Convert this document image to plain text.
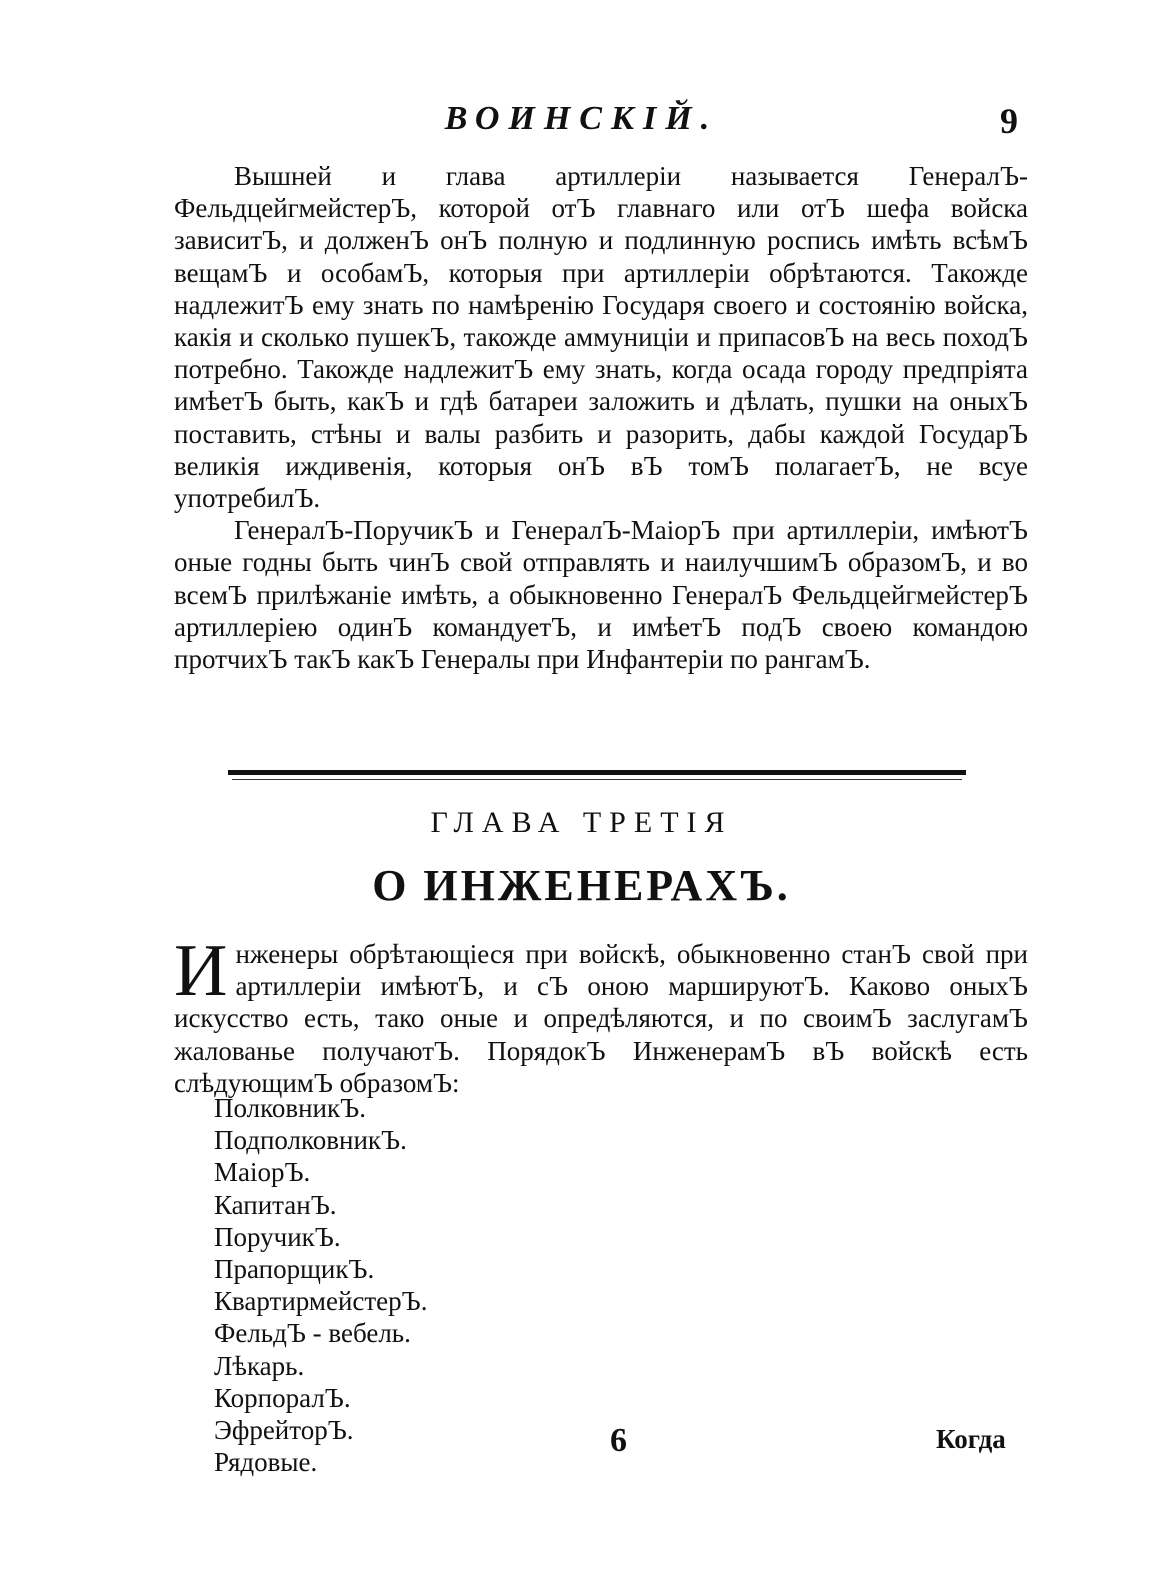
ВОИНСКІЙ.	9

Вышней и глава артиллеріи называется ГенералЪ-ФельдцейгмейстерЪ, которой отЪ главнаго или отЪ шефа войска зависитЪ, и долженЪ онЪ полную и подлинную роспись имѣть всѣмЪ вещамЪ и особамЪ, которыя при артиллеріи обрѣтаются. Такожде надлежитЪ ему знать по намѣренію Государя своего и состоянію войска, какія и сколько пушекЪ, такожде аммуниціи и припасовЪ на весь походЪ потребно. Такожде надлежитЪ ему знать, когда осада городу предпріята имѣетЪ быть, какЪ и гдѣ батареи заложить и дѣлать, пушки на оныхЪ поставить, стѣны и валы разбить и разорить, дабы каждой ГосударЪ великія иждивенія, которыя онЪ вЪ томЪ полагаетЪ, не всуе употребилЪ.

ГенералЪ-ПоручикЪ и ГенералЪ-МаіорЪ при артиллеріи, имѣютЪ оные годны быть чинЪ свой отправлять и наилучшимЪ образомЪ, и во всемЪ прилѣжаніе имѣть, а обыкновенно ГенералЪ ФельдцейгмейстерЪ артиллеріею одинЪ командуетЪ, и имѣетЪ подЪ своею командою протчихЪ такЪ какЪ Генералы при Инфантеріи по рангамЪ.

ГЛАВА ТРЕТІЯ
О ИНЖЕНЕРАХЪ.
И нженеры обрѣтающіеся при войскѣ, обыкновенно станЪ свой при артиллеріи имѣютЪ, и сЪ оною маршируютЪ. Каково оныхЪ искусство есть, тако оные и опредѣляются, и по своимЪ заслугамЪ жалованье получаютЪ. ПорядокЪ ИнженерамЪ вЪ войскѣ есть слѣдующимЪ образомЪ:
ПолковникЪ.
ПодполковникЪ.
МаіорЪ.
КапитанЪ.
ПоручикЪ.
ПрапорщикЪ.
КвартирмейстерЪ.
ФельдЪ - вебель.
Лѣкарь.
КорпоралЪ.
ЭфрейторЪ.
Рядовые.
6	Когда
